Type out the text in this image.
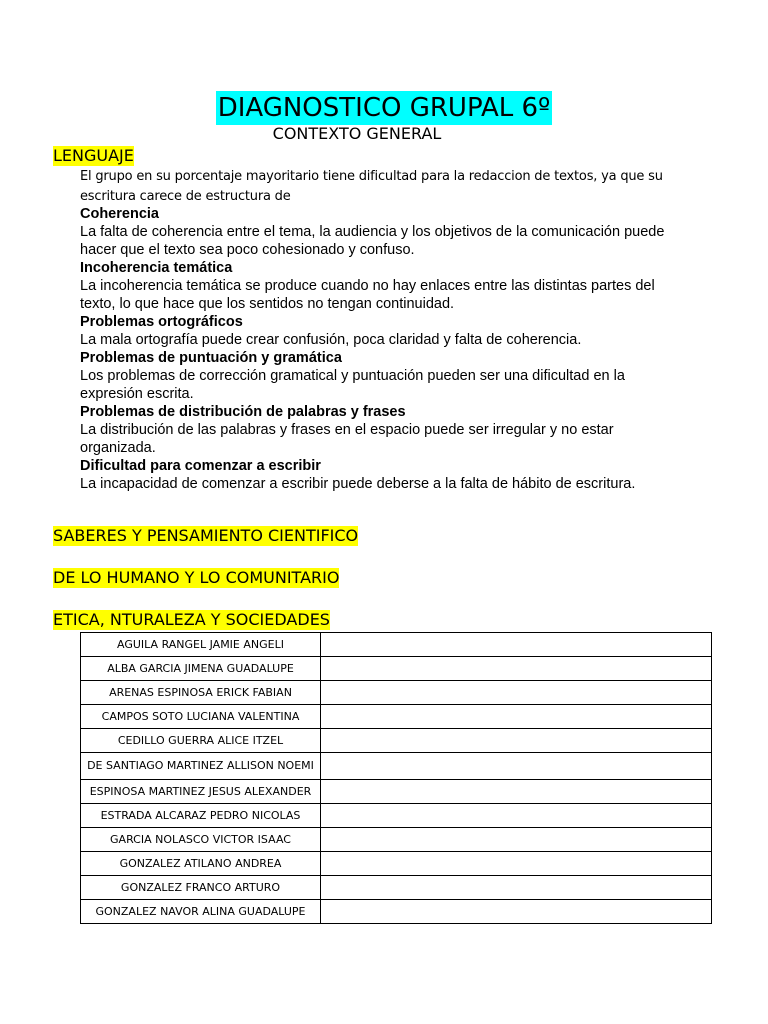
DIAGNOSTICO GRUPAL 6º
CONTEXTO GENERAL
LENGUAJE
El grupo en su porcentaje mayoritario tiene dificultad para la redaccion de textos, ya que su escritura carece de estructura de
Coherencia
La falta de coherencia entre el tema, la audiencia y los objetivos de la comunicación puede hacer que el texto sea poco cohesionado y confuso.
Incoherencia temática
La incoherencia temática se produce cuando no hay enlaces entre las distintas partes del texto, lo que hace que los sentidos no tengan continuidad.
Problemas ortográficos
La mala ortografía puede crear confusión, poca claridad y falta de coherencia.
Problemas de puntuación y gramática
Los problemas de corrección gramatical y puntuación pueden ser una dificultad en la expresión escrita.
Problemas de distribución de palabras y frases
La distribución de las palabras y frases en el espacio puede ser irregular y no estar organizada.
Dificultad para comenzar a escribir
La incapacidad de comenzar a escribir puede deberse a la falta de hábito de escritura.
SABERES Y PENSAMIENTO CIENTIFICO
DE LO HUMANO Y LO COMUNITARIO
ETICA, NTURALEZA Y SOCIEDADES
AGUILA RANGEL JAMIE ANGELI	
ALBA GARCIA JIMENA GUADALUPE	
ARENAS ESPINOSA ERICK FABIAN	
CAMPOS SOTO LUCIANA VALENTINA	
CEDILLO GUERRA ALICE ITZEL	
DE SANTIAGO MARTINEZ ALLISON NOEMI	
ESPINOSA MARTINEZ JESUS ALEXANDER	
ESTRADA ALCARAZ PEDRO NICOLAS	
GARCIA NOLASCO VICTOR ISAAC	
GONZALEZ ATILANO ANDREA	
GONZALEZ FRANCO ARTURO	
GONZALEZ NAVOR ALINA GUADALUPE	
